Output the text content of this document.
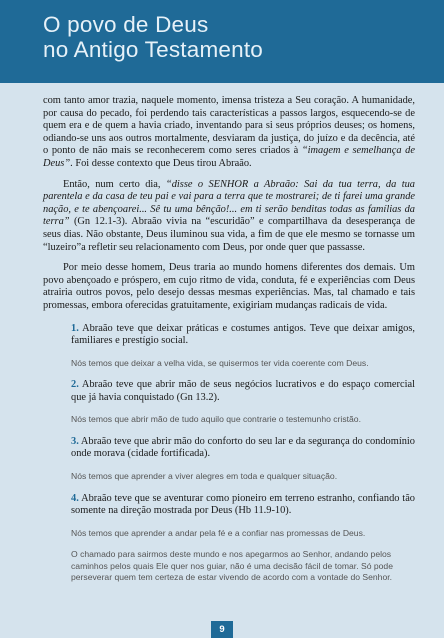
O povo de Deus
no Antigo Testamento

com tanto amor trazia, naquele momento, imensa tristeza a Seu coração. A humanidade, por causa do pecado, foi perdendo tais características a passos largos, esquecendo-se de quem era e de quem a havia criado, inventando para si seus próprios deuses; os homens, odiando-se uns aos outros mortalmente, desviaram da justiça, do juízo e da decência, até o ponto de não mais se reconhecerem como seres criados à “imagem e semelhança de Deus”. Foi desse contexto que Deus tirou Abraão.

Então, num certo dia, “disse o SENHOR a Abraão: Sai da tua terra, da tua parentela e da casa de teu pai e vai para a terra que te mostrarei; de ti farei uma grande nação, e te abençoarei... Sê tu uma bênção!... em ti serão benditas todas as famílias da terra” (Gn 12.1-3). Abraão vivia na “escuridão” e compartilhava da desesperança de seus dias. Não obstante, Deus iluminou sua vida, a fim de que ele mesmo se tornasse um “luzeiro”a refletir seu relacionamento com Deus, por onde quer que passasse.

Por meio desse homem, Deus traria ao mundo homens diferentes dos demais. Um povo abençoado e próspero, em cujo ritmo de vida, conduta, fé e experiências com Deus atrairia outros povos, pelo desejo dessas mesmas experiências. Mas, tal chamado e tais promessas, embora oferecidas gratuitamente, exigiriam mudanças radicais de vida.

1. Abraão teve que deixar práticas e costumes antigos. Teve que deixar amigos, familiares e prestígio social.

Nós temos que deixar a velha vida, se quisermos ter vida coerente com Deus.

2. Abraão teve que abrir mão de seus negócios lucrativos e do espaço comercial que já havia conquistado (Gn 13.2).

Nós temos que abrir mão de tudo aquilo que contrarie o testemunho cristão.

3. Abraão teve que abrir mão do conforto do seu lar e da segurança do condomínio onde morava (cidade fortificada).

Nós temos que aprender a viver alegres em toda e qualquer situação.

4. Abraão teve que se aventurar como pioneiro em terreno estranho, confiando tão somente na direção mostrada por Deus (Hb 11.9-10).

Nós temos que aprender a andar pela fé e a confiar nas promessas de Deus.

O chamado para sairmos deste mundo e nos apegarmos ao Senhor, andando pelos caminhos pelos quais Ele quer nos guiar, não é uma decisão fácil de tomar. Só pode perseverar quem tem certeza de estar vivendo de acordo com a vontade do Senhor.

9
